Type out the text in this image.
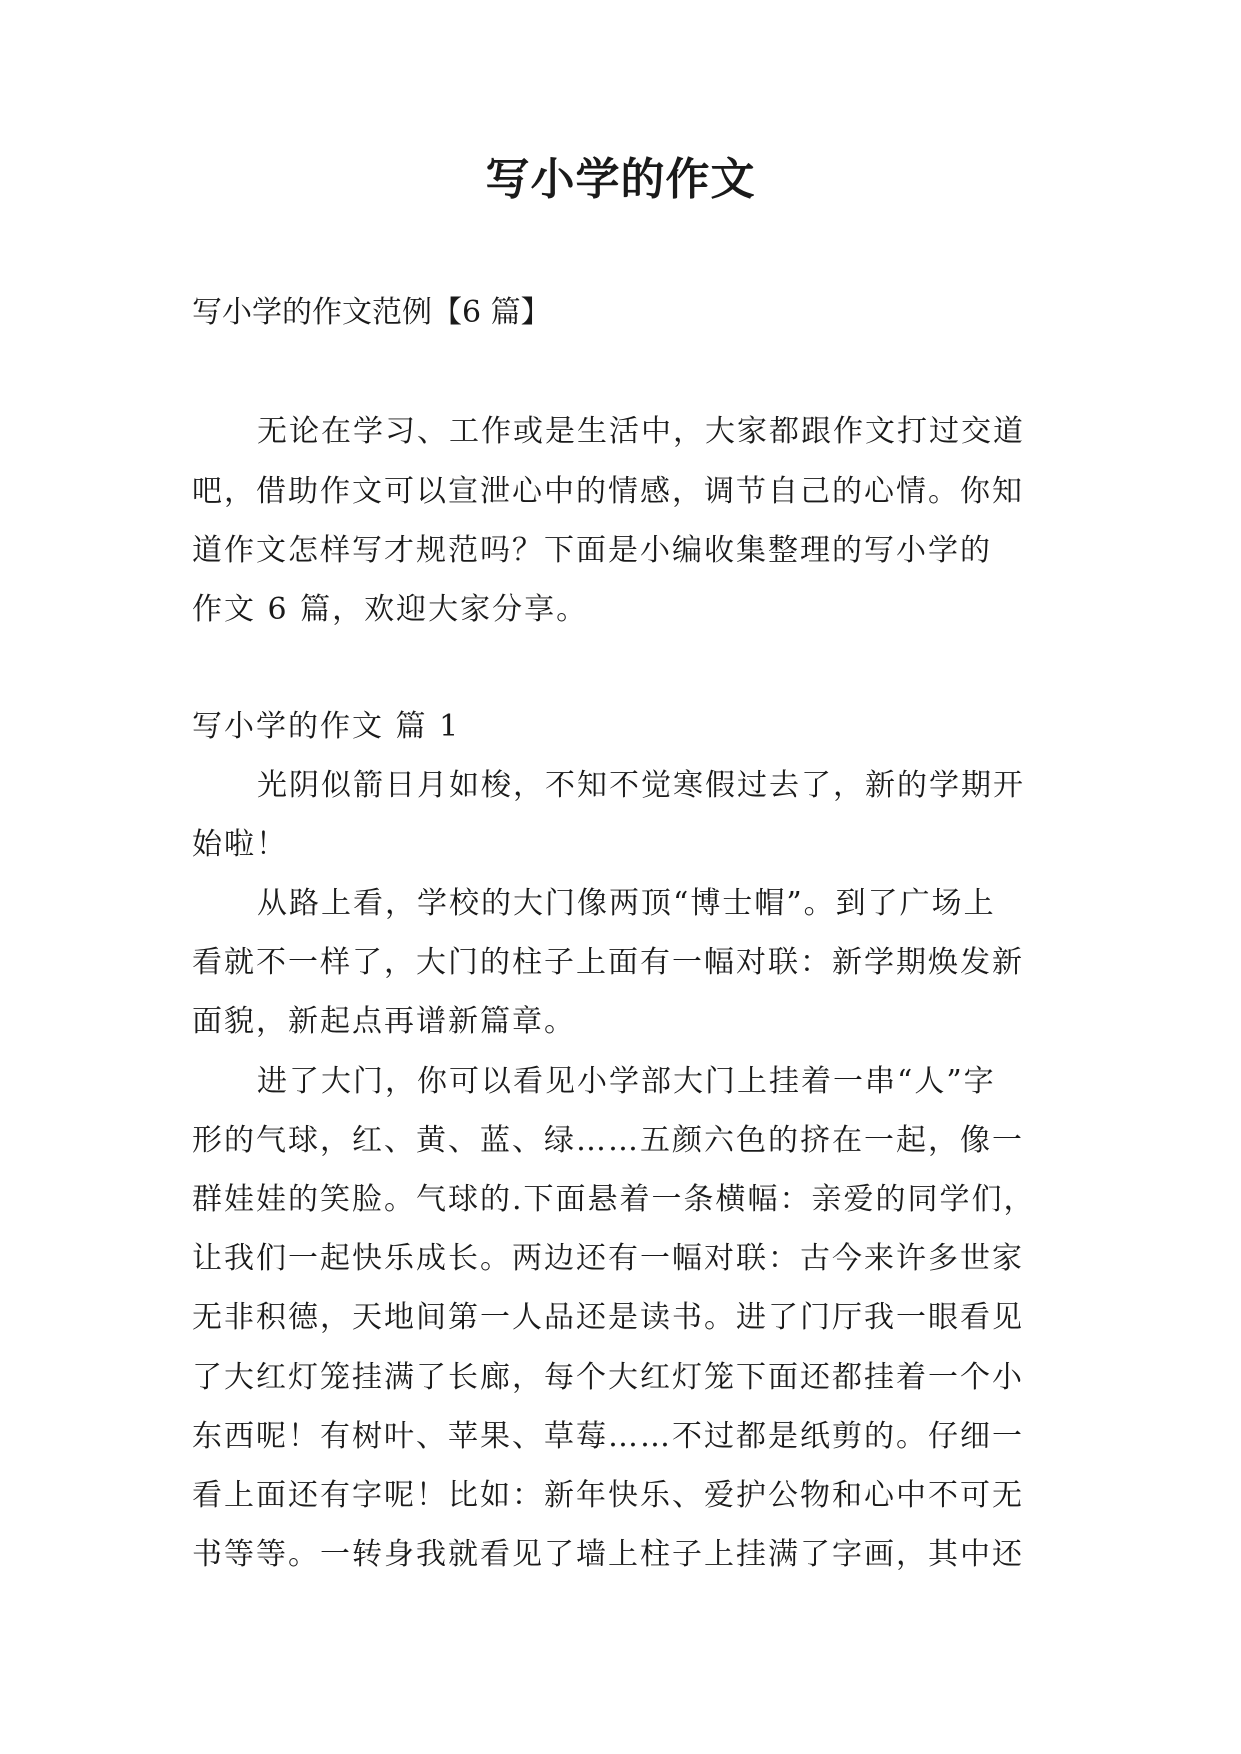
写小学的作文

写小学的作文范例【6 篇】

无论在学习、工作或是生活中，大家都跟作文打过交道

吧，借助作文可以宣泄心中的情感，调节自己的心情。你知

道作文怎样写才规范吗？下面是小编收集整理的写小学的

作文 6 篇，欢迎大家分享。

写小学的作文 篇 1

光阴似箭日月如梭，不知不觉寒假过去了，新的学期开

始啦！

从路上看，学校的大门像两顶“博士帽”。到了广场上

看就不一样了，大门的柱子上面有一幅对联：新学期焕发新

面貌，新起点再谱新篇章。

进了大门，你可以看见小学部大门上挂着一串“人”字

形的气球，红、黄、蓝、绿……五颜六色的挤在一起，像一

群娃娃的笑脸。气球的.下面悬着一条横幅：亲爱的同学们，

让我们一起快乐成长。两边还有一幅对联：古今来许多世家

无非积德，天地间第一人品还是读书。进了门厅我一眼看见

了大红灯笼挂满了长廊，每个大红灯笼下面还都挂着一个小

东西呢！有树叶、苹果、草莓……不过都是纸剪的。仔细一

看上面还有字呢！比如：新年快乐、爱护公物和心中不可无

书等等。一转身我就看见了墙上柱子上挂满了字画，其中还
